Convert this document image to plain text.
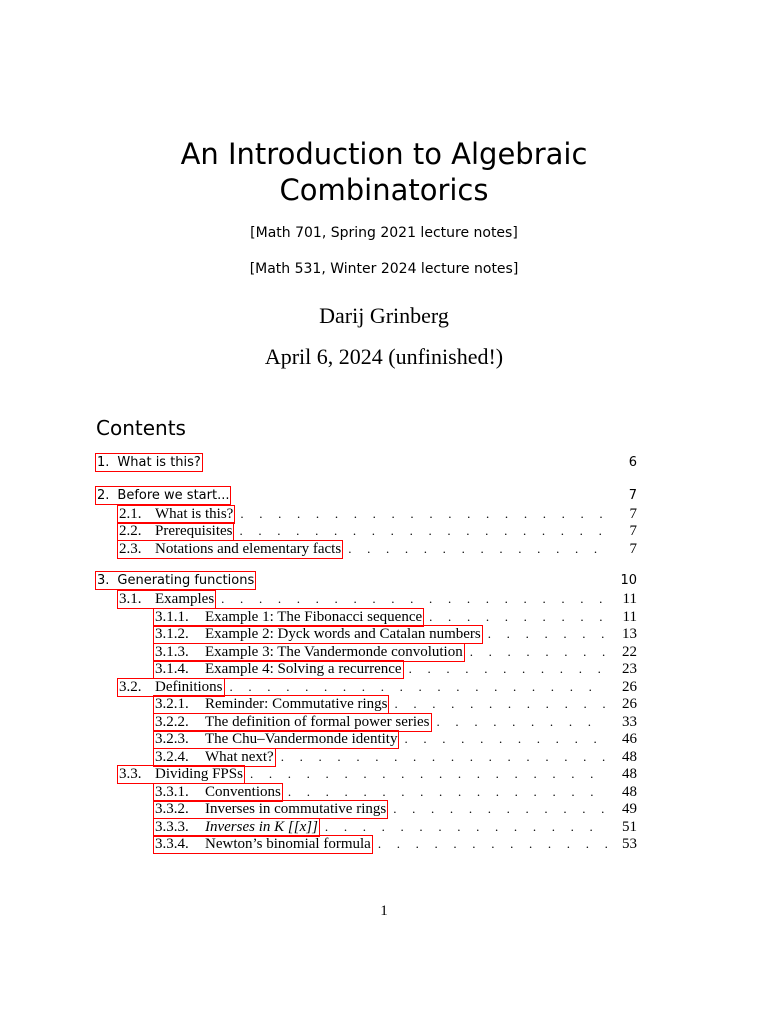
An Introduction to Algebraic
Combinatorics
[Math 701, Spring 2021 lecture notes]
[Math 531, Winter 2024 lecture notes]
Darij Grinberg
April 6, 2024 (unfinished!)
Contents
1. What is this?	6
2. Before we start...	7
2.1. What is this? . . .	7
2.2. Prerequisites . . .	7
2.3. Notations and elementary facts . . .	7
3. Generating functions	10
3.1. Examples . . .	11
3.1.1. Example 1: The Fibonacci sequence . . .	11
3.1.2. Example 2: Dyck words and Catalan numbers . . .	13
3.1.3. Example 3: The Vandermonde convolution . . .	22
3.1.4. Example 4: Solving a recurrence . . .	23
3.2. Definitions . . .	26
3.2.1. Reminder: Commutative rings . . .	26
3.2.2. The definition of formal power series . . .	33
3.2.3. The Chu–Vandermonde identity . . .	46
3.2.4. What next? . . .	48
3.3. Dividing FPSs . . .	48
3.3.1. Conventions . . .	48
3.3.2. Inverses in commutative rings . . .	49
3.3.3. Inverses in K [[x]] . . .	51
3.3.4. Newton’s binomial formula . . .	53
1
